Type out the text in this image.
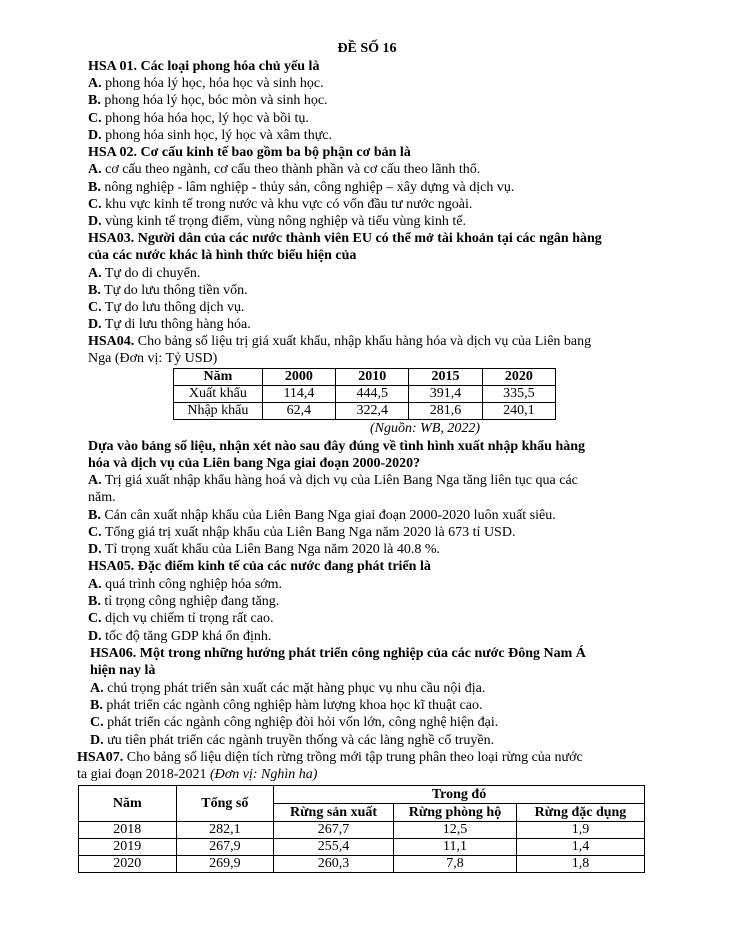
ĐỀ SỐ 16
HSA 01. Các loại phong hóa chủ yếu là
A. phong hóa lý học, hóa học và sinh học.
B. phong hóa lý học, bóc mòn và sinh học.
C. phong hóa hóa học, lý học và bồi tụ.
D. phong hóa sinh học, lý học và xâm thực.
HSA 02. Cơ cấu kinh tế bao gồm ba bộ phận cơ bản là
A. cơ cấu theo ngành, cơ cấu theo thành phần và cơ cấu theo lãnh thổ.
B. nông nghiệp - lâm nghiệp - thủy sản, công nghiệp – xây dựng và dịch vụ.
C. khu vực kinh tế trong nước và khu vực có vốn đầu tư nước ngoài.
D. vùng kinh tế trọng điểm, vùng nông nghiệp và tiểu vùng kinh tế.
HSA03. Người dân của các nước thành viên EU có thể mở tài khoản tại các ngân hàng
của các nước khác là hình thức biểu hiện của
A. Tự do di chuyển.
B. Tự do lưu thông tiền vốn.
C. Tự do lưu thông dịch vụ.
D. Tự di lưu thông hàng hóa.
HSA04. Cho bảng số liệu trị giá xuất khẩu, nhập khẩu hàng hóa và dịch vụ của Liên bang
Nga (Đơn vị: Tỷ USD)
Năm	2000	2010	2015	2020
Xuất khẩu	114,4	444,5	391,4	335,5
Nhập khẩu	62,4	322,4	281,6	240,1
(Nguồn: WB, 2022)
Dựa vào bảng số liệu, nhận xét nào sau đây đúng về tình hình xuất nhập khẩu hàng
hóa và dịch vụ của Liên bang Nga giai đoạn 2000-2020?
A. Trị giá xuất nhập khẩu hàng hoá và dịch vụ của Liên Bang Nga tăng liên tục qua các
năm.
B. Cán cân xuất nhập khẩu của Liên Bang Nga giai đoạn 2000-2020 luôn xuất siêu.
C. Tổng giá trị xuất nhập khẩu của Liên Bang Nga năm 2020 là 673 tỉ USD.
D. Tỉ trọng xuất khẩu của Liên Bang Nga năm 2020 là 40.8 %.
HSA05. Đặc điểm kinh tế của các nước đang phát triển là
A. quá trình công nghiệp hóa sớm.
B. tỉ trọng công nghiệp đang tăng.
C. dịch vụ chiếm tỉ trọng rất cao.
D. tốc độ tăng GDP khá ổn định.
HSA06. Một trong những hướng phát triển công nghiệp của các nước Đông Nam Á
hiện nay là
A. chú trọng phát triển sản xuất các mặt hàng phục vụ nhu cầu nội địa.
B. phát triển các ngành công nghiệp hàm lượng khoa học kĩ thuật cao.
C. phát triển các ngành công nghiệp đòi hỏi vốn lớn, công nghệ hiện đại.
D. ưu tiên phát triển các ngành truyền thống và các làng nghề cổ truyền.
HSA07. Cho bảng số liệu diện tích rừng trồng mới tập trung phân theo loại rừng của nước
ta giai đoạn 2018-2021 (Đơn vị: Nghìn ha)
Năm	Tổng số	Trong đó		
		Rừng sản xuất	Rừng phòng hộ	Rừng đặc dụng
2018	282,1	267,7	12,5	1,9
2019	267,9	255,4	11,1	1,4
2020	269,9	260,3	7,8	1,8
